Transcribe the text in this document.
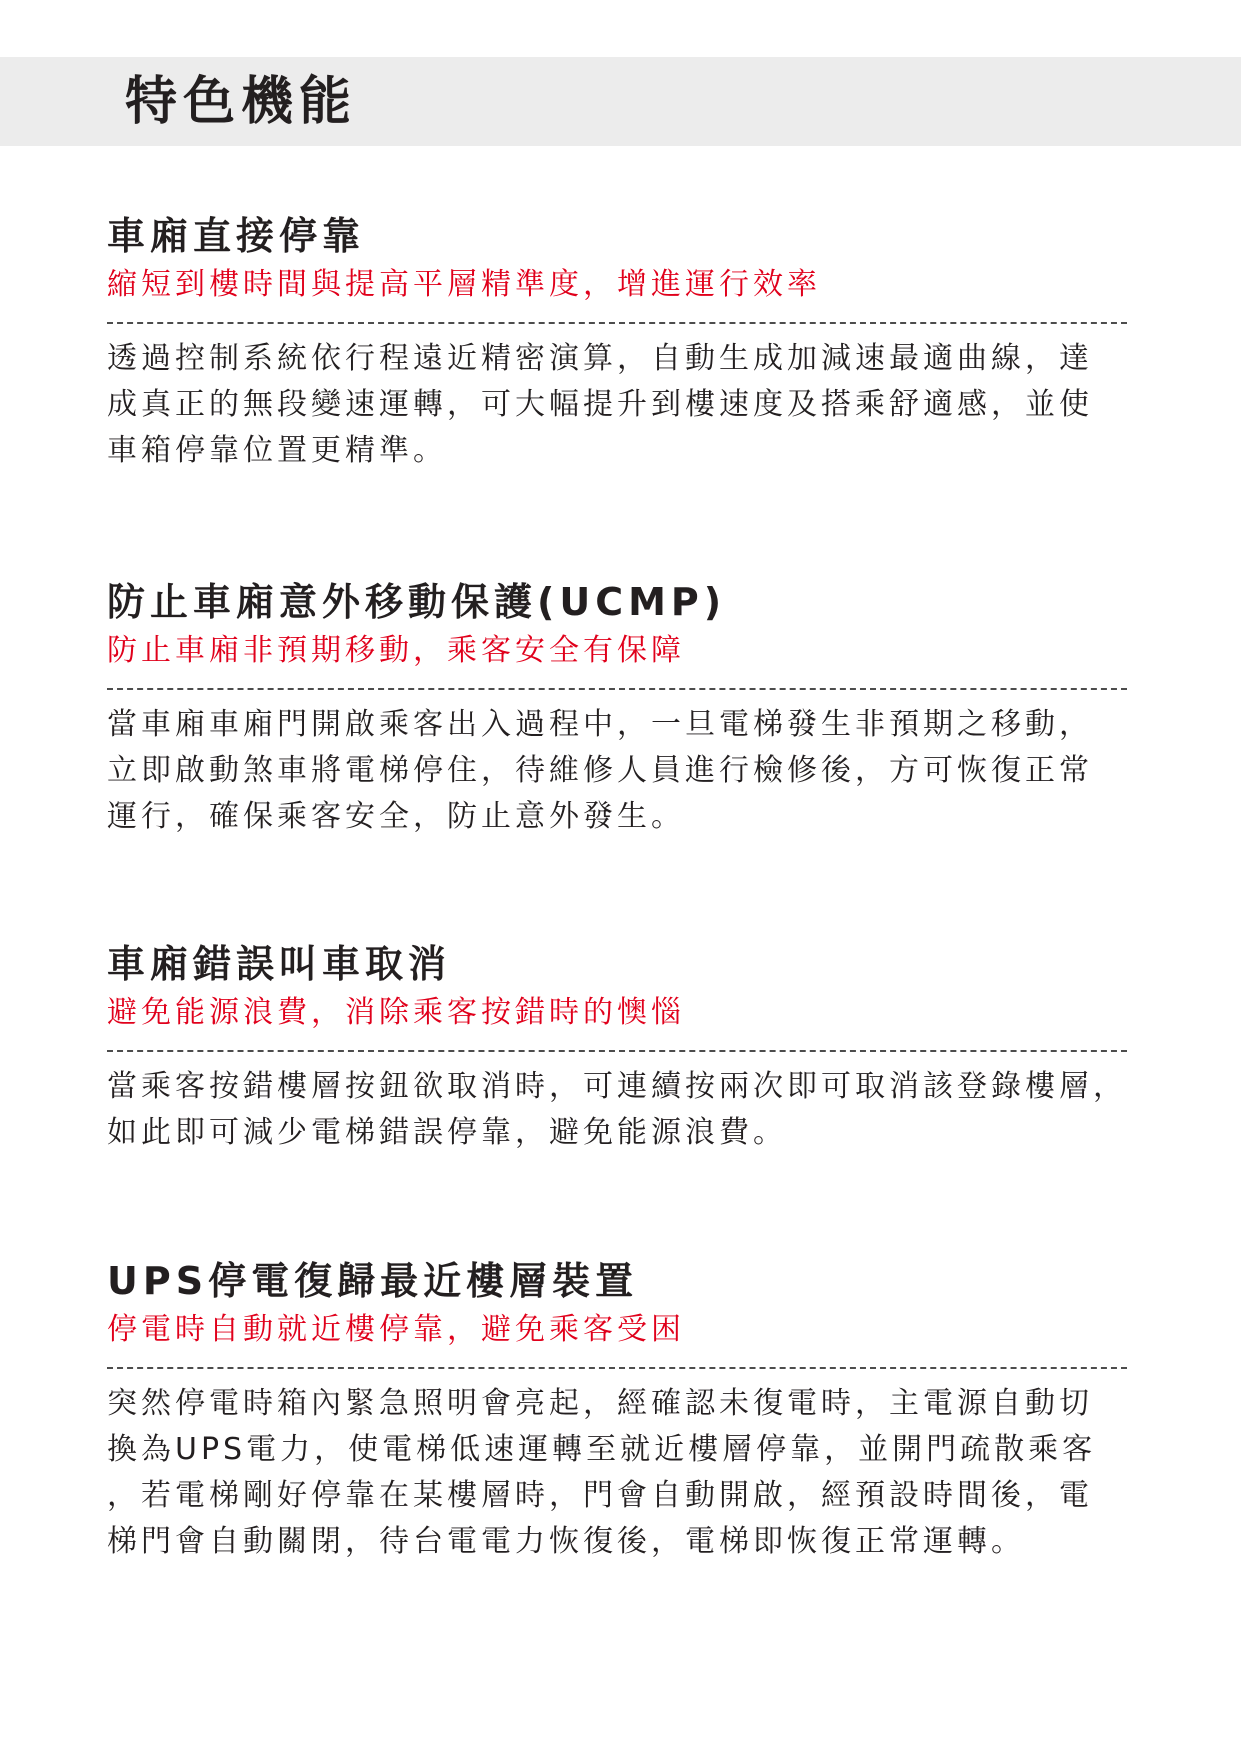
特色機能
車廂直接停靠

縮短到樓時間與提高平層精準度，增進運行效率

透過控制系統依行程遠近精密演算，自動生成加減速最適曲線，達
成真正的無段變速運轉，可大幅提升到樓速度及搭乘舒適感，並使
車箱停靠位置更精準。
防止車廂意外移動保護(UCMP)

防止車廂非預期移動，乘客安全有保障

當車廂車廂門開啟乘客出入過程中，一旦電梯發生非預期之移動，
立即啟動煞車將電梯停住，待維修人員進行檢修後，方可恢復正常
運行，確保乘客安全，防止意外發生。
車廂錯誤叫車取消

避免能源浪費，消除乘客按錯時的懊惱

當乘客按錯樓層按鈕欲取消時，可連續按兩次即可取消該登錄樓層，
如此即可減少電梯錯誤停靠，避免能源浪費。
UPS停電復歸最近樓層裝置

停電時自動就近樓停靠，避免乘客受困

突然停電時箱內緊急照明會亮起，經確認未復電時，主電源自動切
換為UPS電力，使電梯低速運轉至就近樓層停靠，並開門疏散乘客
，若電梯剛好停靠在某樓層時，門會自動開啟，經預設時間後，電
梯門會自動關閉，待台電電力恢復後，電梯即恢復正常運轉。
